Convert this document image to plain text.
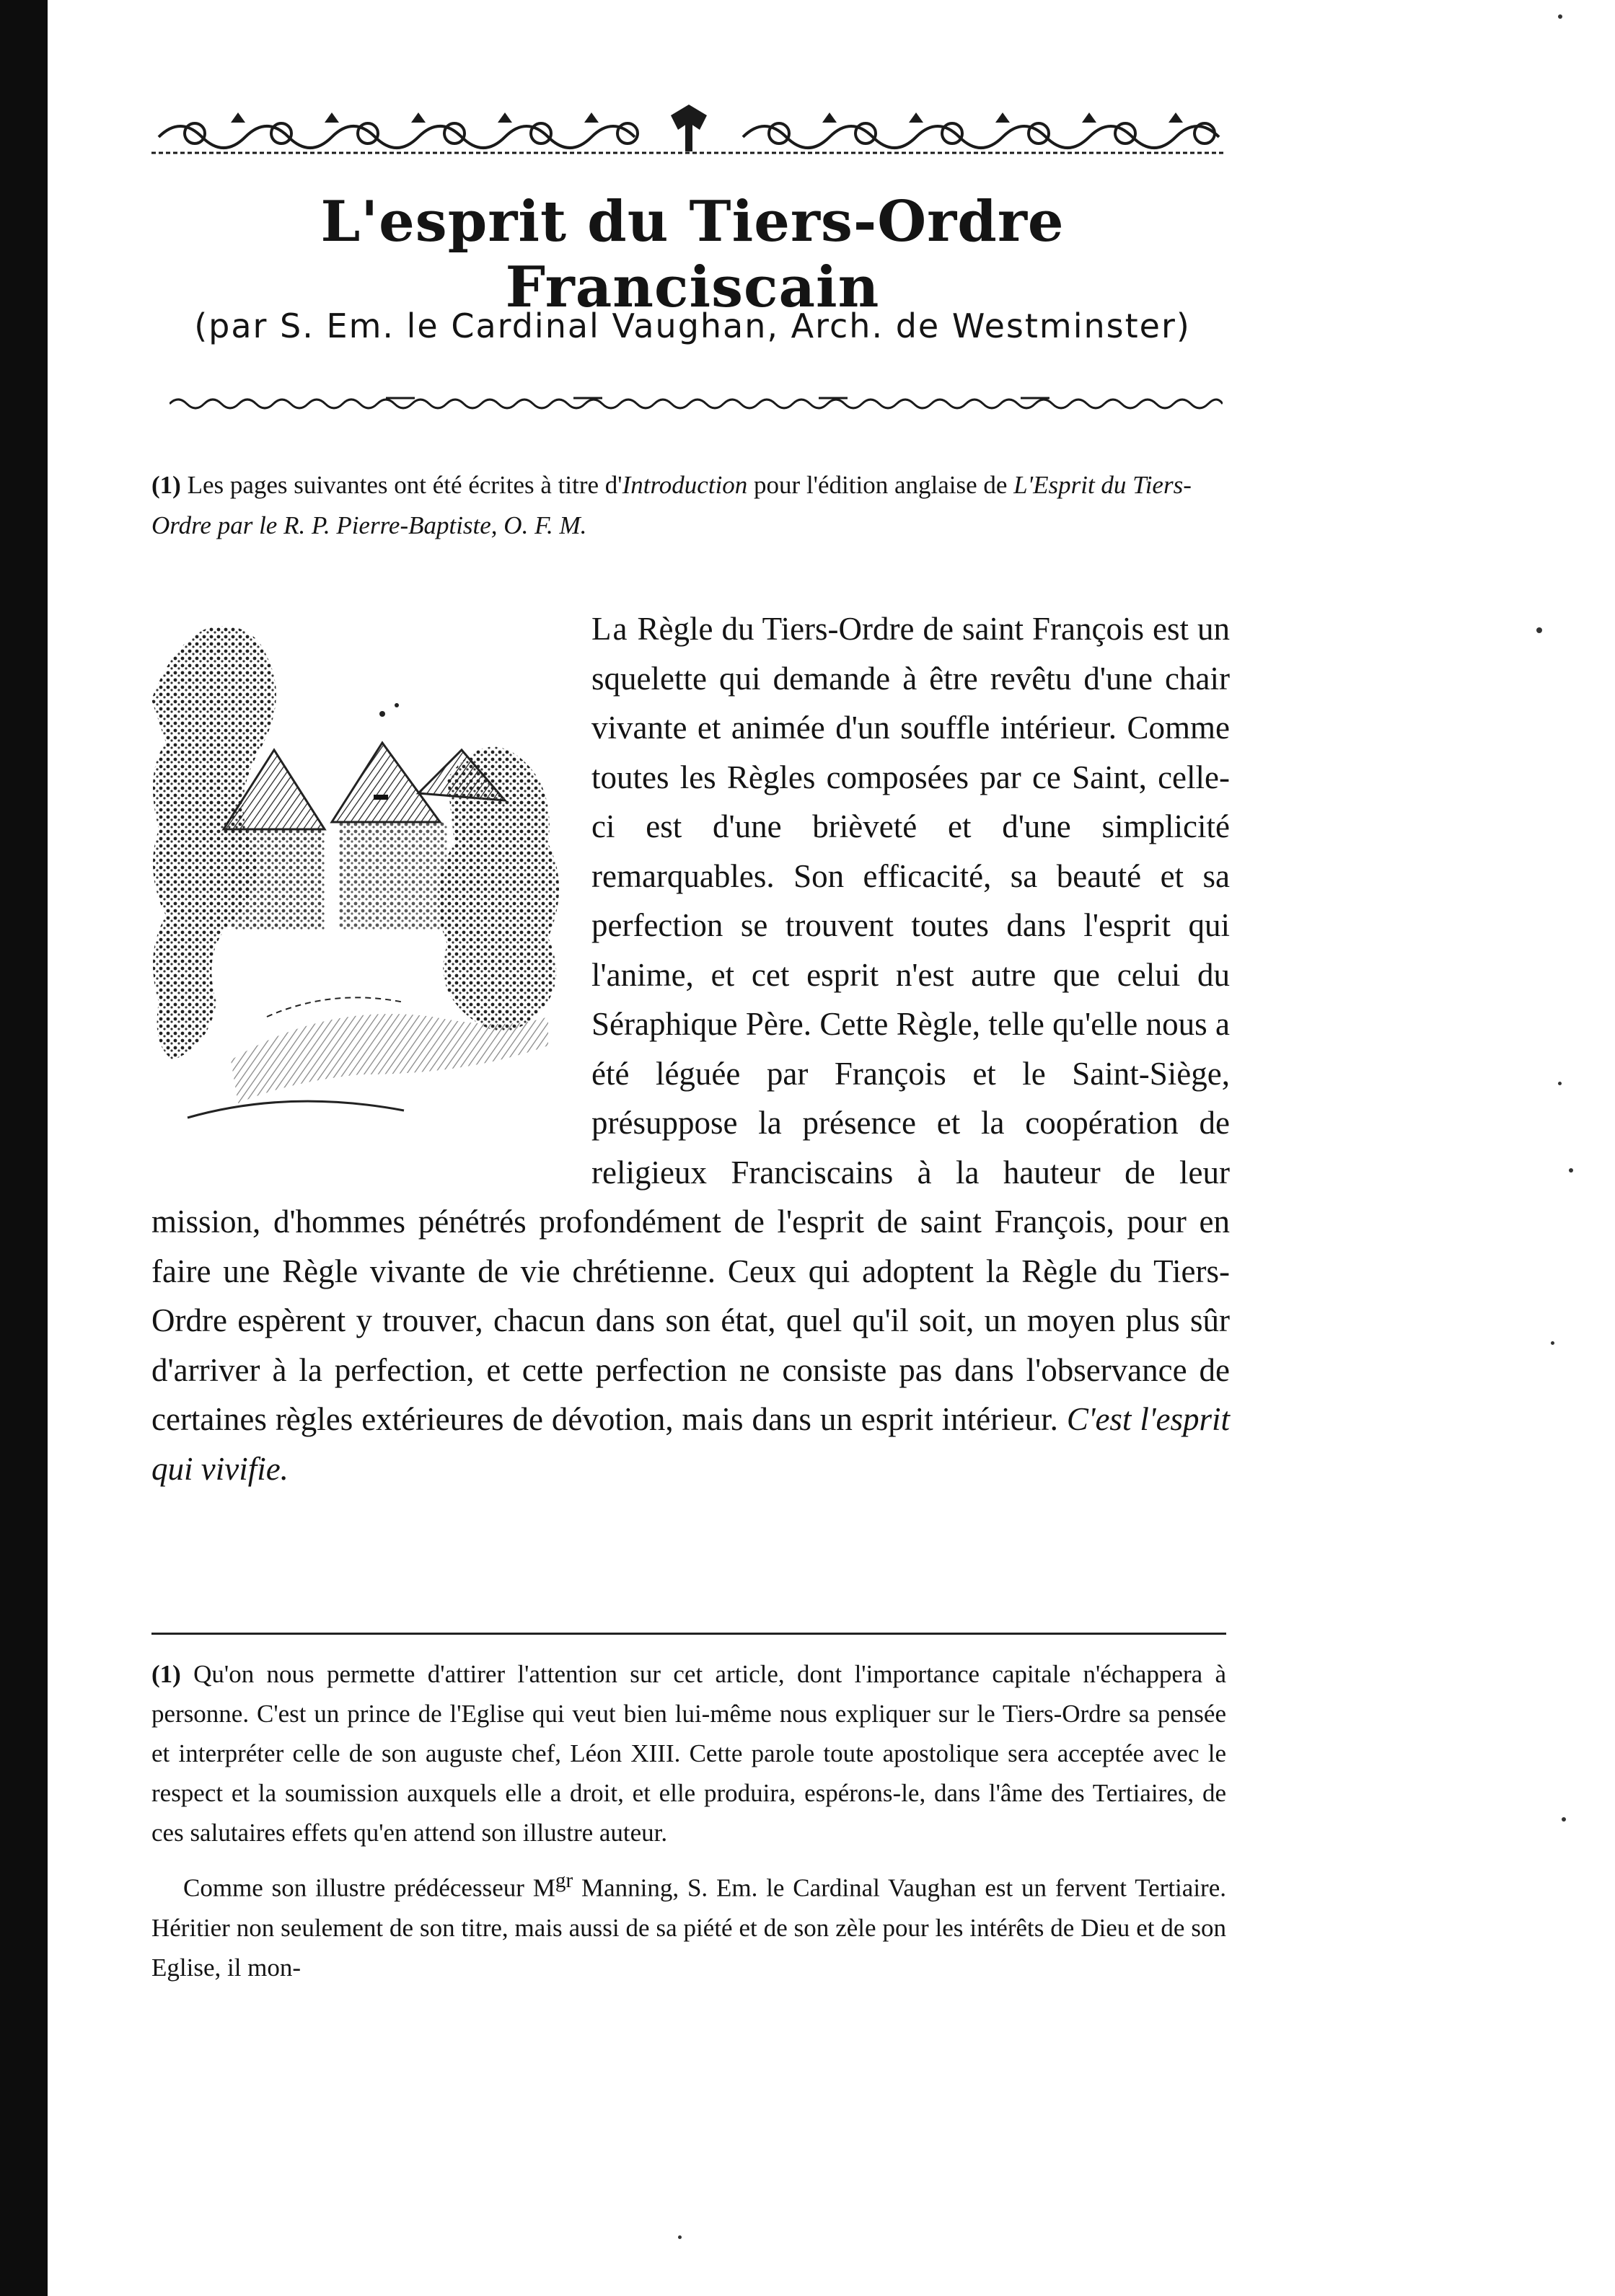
L'esprit du Tiers-Ordre Franciscain
(par S. Em. le Cardinal Vaughan, Arch. de Westminster)
(1) Les pages suivantes ont été écrites à titre d'Introduction pour l'édition anglaise de L'Esprit du Tiers-Ordre par le R. P. Pierre-Baptiste, O. F. M.
La Règle du Tiers-Ordre de saint François est un squelette qui demande à être revêtu d'une chair vivante et animée d'un souffle intérieur. Comme toutes les Règles composées par ce Saint, celle-ci est d'une brièveté et d'une simplicité remarquables. Son efficacité, sa beauté et sa perfection se trouvent toutes dans l'esprit qui l'anime, et cet esprit n'est autre que celui du Séraphique Père. Cette Règle, telle qu'elle nous a été léguée par François et le Saint-Siège, présuppose la présence et la coopération de religieux Franciscains à la hauteur de leur mission, d'hommes pénétrés profondément de l'esprit de saint François, pour en faire une Règle vivante de vie chrétienne. Ceux qui adoptent la Règle du Tiers-Ordre espèrent y trouver, chacun dans son état, quel qu'il soit, un moyen plus sûr d'arriver à la perfection, et cette perfection ne consiste pas dans l'observance de certaines règles extérieures de dévotion, mais dans un esprit intérieur. C'est l'esprit qui vivifie.

(1) Qu'on nous permette d'attirer l'attention sur cet article, dont l'importance capitale n'échappera à personne. C'est un prince de l'Eglise qui veut bien lui-même nous expliquer sur le Tiers-Ordre sa pensée et interpréter celle de son auguste chef, Léon XIII. Cette parole toute apostolique sera acceptée avec le respect et la soumission auxquels elle a droit, et elle produira, espérons-le, dans l'âme des Tertiaires, de ces salutaires effets qu'en attend son illustre auteur.

Comme son illustre prédécesseur $M^{gr}$ Manning, S. Em. le Cardinal Vaughan est un fervent Tertiaire. Héritier non seulement de son titre, mais aussi de sa piété et de son zèle pour les intérêts de Dieu et de son Eglise, il mon-
